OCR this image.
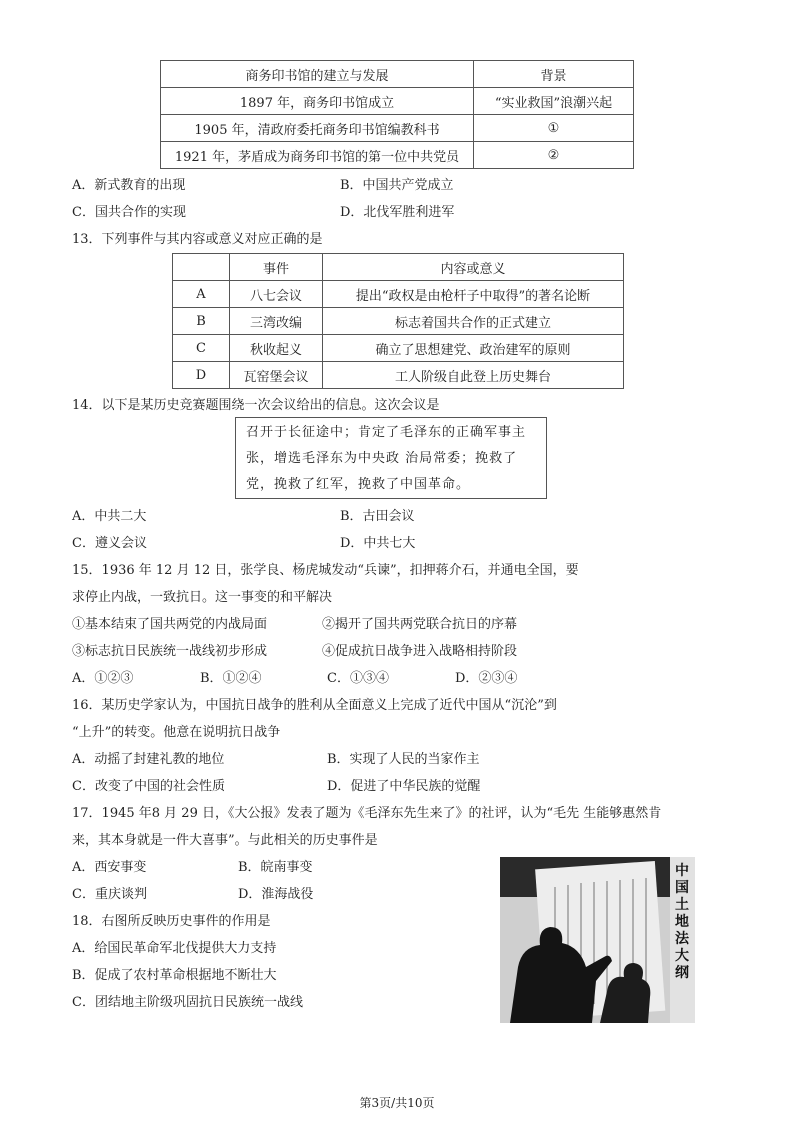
商务印书馆的建立与发展	背景
1897 年，商务印书馆成立	“实业救国”浪潮兴起
1905 年，清政府委托商务印书馆编教科书	①
1921 年，茅盾成为商务印书馆的第一位中共党员	②
A．新式教育的出现	B．中国共产党成立
C．国共合作的实现	D．北伐军胜利进军
13．下列事件与其内容或意义对应正确的是
	事件	内容或意义
A	八七会议	提出“政权是由枪杆子中取得”的著名论断
B	三湾改编	标志着国共合作的正式建立
C	秋收起义	确立了思想建党、政治建军的原则
D	瓦窑堡会议	工人阶级自此登上历史舞台
14．以下是某历史竞赛题围绕一次会议给出的信息。这次会议是
召开于长征途中；肯定了毛泽东的正确军事主张，增选毛泽东为中央政 治局常委；挽救了党，挽救了红军，挽救了中国革命。
A．中共二大	B．古田会议
C．遵义会议	D．中共七大
15．1936 年 12 月 12 日，张学良、杨虎城发动“兵谏”，扣押蒋介石，并通电全国，要
求停止内战，一致抗日。这一事变的和平解决
①基本结束了国共两党的内战局面	②揭开了国共两党联合抗日的序幕
③标志抗日民族统一战线初步形成	④促成抗日战争进入战略相持阶段
A．①②③	B．①②④	C．①③④	D．②③④
16．某历史学家认为，中国抗日战争的胜利从全面意义上完成了近代中国从“沉沦”到
“上升”的转变。他意在说明抗日战争
A．动摇了封建礼教的地位	B．实现了人民的当家作主
C．改变了中国的社会性质	D．促进了中华民族的觉醒
17．1945 年8 月 29 日，《大公报》发表了题为《毛泽东先生来了》的社评，认为“毛先 生能够惠然肯
来，其本身就是一件大喜事”。与此相关的历史事件是
A．西安事变	B．皖南事变
C．重庆谈判	D．淮海战役
18．右图所反映历史事件的作用是
A．给国民革命军北伐提供大力支持
B．促成了农村革命根据地不断壮大
C．团结地主阶级巩固抗日民族统一战线
中国土地法大纲
第3页/共10页
